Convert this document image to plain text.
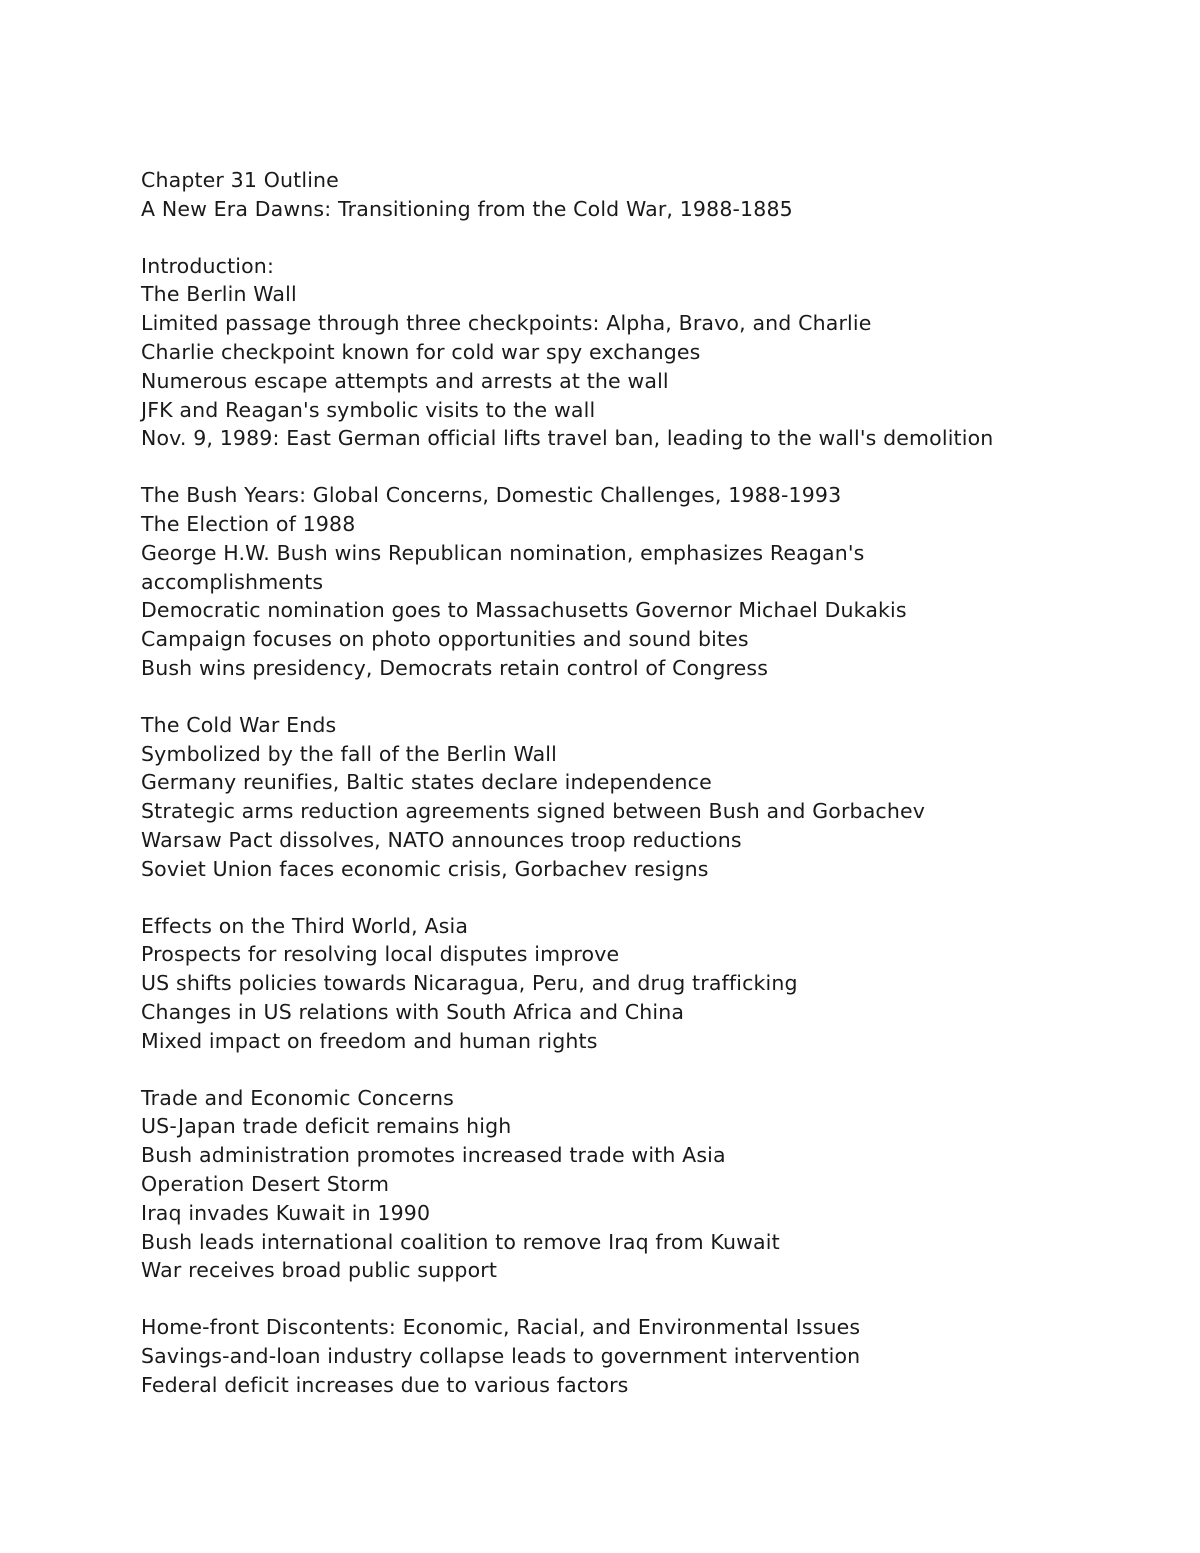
Chapter 31 Outline
A New Era Dawns: Transitioning from the Cold War, 1988-1885
Introduction:
The Berlin Wall
Limited passage through three checkpoints: Alpha, Bravo, and Charlie
Charlie checkpoint known for cold war spy exchanges
Numerous escape attempts and arrests at the wall
JFK and Reagan's symbolic visits to the wall
Nov. 9, 1989: East German official lifts travel ban, leading to the wall's demolition
The Bush Years: Global Concerns, Domestic Challenges, 1988-1993
The Election of 1988
George H.W. Bush wins Republican nomination, emphasizes Reagan's
accomplishments
Democratic nomination goes to Massachusetts Governor Michael Dukakis
Campaign focuses on photo opportunities and sound bites
Bush wins presidency, Democrats retain control of Congress
The Cold War Ends
Symbolized by the fall of the Berlin Wall
Germany reunifies, Baltic states declare independence
Strategic arms reduction agreements signed between Bush and Gorbachev
Warsaw Pact dissolves, NATO announces troop reductions
Soviet Union faces economic crisis, Gorbachev resigns
Effects on the Third World, Asia
Prospects for resolving local disputes improve
US shifts policies towards Nicaragua, Peru, and drug trafficking
Changes in US relations with South Africa and China
Mixed impact on freedom and human rights
Trade and Economic Concerns
US-Japan trade deficit remains high
Bush administration promotes increased trade with Asia
Operation Desert Storm
Iraq invades Kuwait in 1990
Bush leads international coalition to remove Iraq from Kuwait
War receives broad public support
Home-front Discontents: Economic, Racial, and Environmental Issues
Savings-and-loan industry collapse leads to government intervention
Federal deficit increases due to various factors
